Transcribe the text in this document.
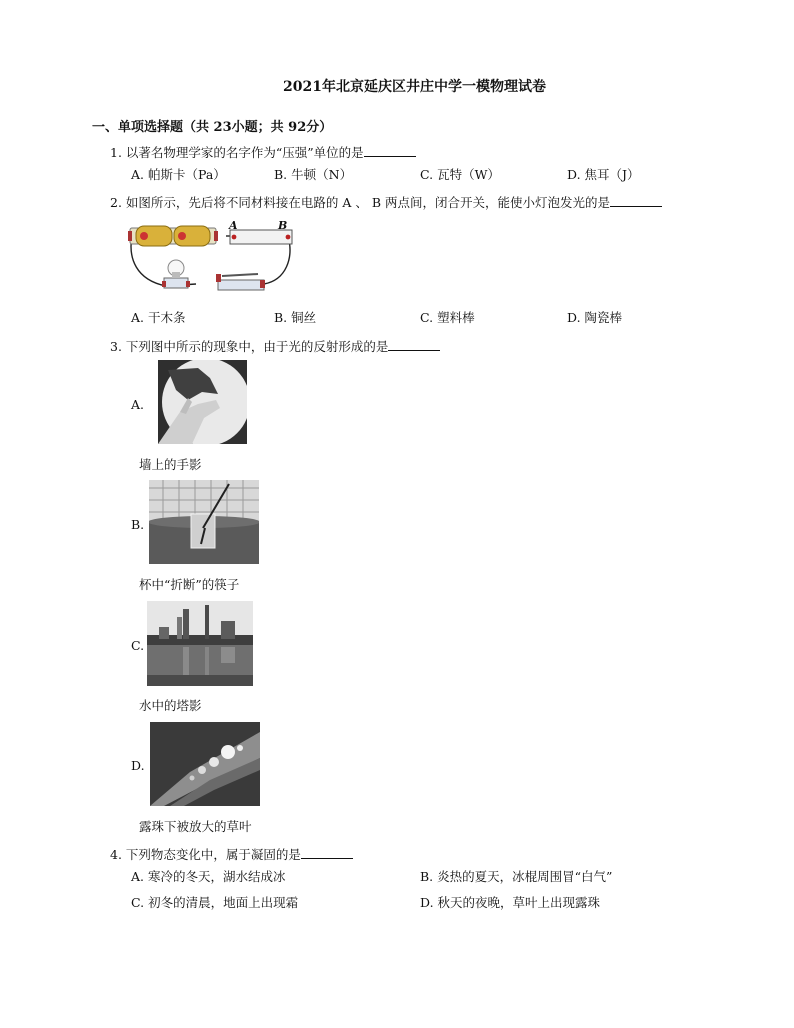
2021年北京延庆区井庄中学一模物理试卷
一、单项选择题（共 23小题；共 92分）
1. 以著名物理学家的名字作为“压强”单位的是
A. 帕斯卡（Pa）	B. 牛顿（N）	C. 瓦特（W）	D. 焦耳（J）
2. 如图所示，先后将不同材料接在电路的 A 、 B 两点间，闭合开关，能使小灯泡发光的是
A	B
A. 干木条	B. 铜丝	C. 塑料棒	D. 陶瓷棒
3. 下列图中所示的现象中，由于光的反射形成的是
A.
墙上的手影
B.
杯中“折断”的筷子
C.
水中的塔影
D.
露珠下被放大的草叶
4. 下列物态变化中，属于凝固的是
A. 寒冷的冬天，湖水结成冰	B. 炎热的夏天，冰棍周围冒“白气”
C. 初冬的清晨，地面上出现霜	D. 秋天的夜晚，草叶上出现露珠
